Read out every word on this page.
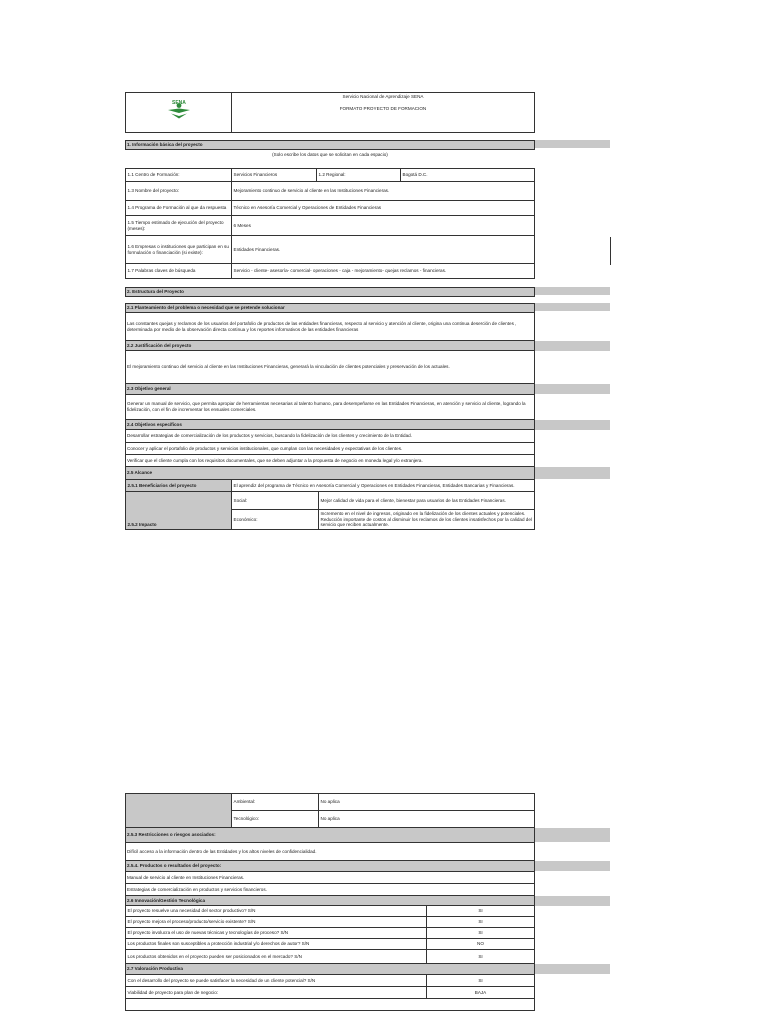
SENA
Servicio Nacional de Aprendizaje SENA
FORMATO PROYECTO DE FORMACION
1. Información básica del proyecto
(Solo escribe los datos que se solicitan en cada espacio)
1.1 Centro de Formación:	Servicios Financieros	1.2 Regional:	Bogotá D.C.
1.3 Nombre del proyecto:	Mejoramiento continuo de servicio al cliente en las Instituciones Financieras.
1.4 Programa de Formación al que da respuesta	Técnico en Asesoría Comercial y Operaciones de Entidades Financieras
1.5 Tiempo estimado de ejecución del proyecto (meses):
6 Meses
1.6 Empresas o instituciones que participan en su formulación o financiación (si existe):
Entidades Financieras.
1.7 Palabras claves de búsqueda	Servicio - cliente- asesoría- comercial- operaciones - caja - mejoramiento- quejas reclamos - financieras.
2. Estructura del Proyecto
2.1 Planteamiento del problema o necesidad que se pretende solucionar
Las constantes quejas y reclamos de los usuarios del portafolio de productos de las entidades financieras, respecto al servicio y atención al cliente, origina una continua deserción de clientes , determinada por medio de la observación directa continua y los reportes informativos de las entidades financieras
2.2 Justificación del proyecto
El mejoramiento continuo del servicio al cliente en las Instituciones Financieras, generará la vinculación de clientes potenciales y preservación de los actuales.
2.3 Objetivo general
Generar un manual de servicio, que permita apropiar de herramientas necesarias al talento humano, para desempeñarse en las Entidades Financieras, en atención y servicio al cliente, logrando la fidelización, con el fin de incrementar los ensuales comerciales.
2.4 Objetivos específicos
Desarrollar estrategias de comercialización de los productos y servicios, buscando la fidelización de los clientes y crecimiento de la Entidad.
Conocer y aplicar el portafolio de productos y servicios institucionales, que cumplan con las necesidades y expectativas de los clientes.
Verificar que el cliente cumpla con los requisitos documentales, que se deben adjuntar a la propuesta de negocio en moneda legal y/o extranjera.
2.5 Alcance
2.5.1 Beneficiarios del proyecto	El aprendiz del programa de Técnico en Asesoría Comercial y Operaciones en Entidades Financieras, Entidades Bancarias y Financieras.
2.5.2 Impacto
Social:	Mejor calidad de vida para el cliente, bienestar para usuarios de las Entidades Financieras.
Económico:
Incremento en el nivel de ingresos, originado en la fidelización de los clientes actuales y potenciales. Reducción importante de costos al disminuir los reclamos de los clientes insatisfechos por la calidad del servicio que reciben actualmente.
Ambiental:	No aplica
Tecnológico:	No aplica
2.5.3 Restricciones o riesgos asociados:
Difícil acceso a la información dentro de las Entidades y los altos niveles de confidencialidad.
2.5.4. Productos o resultados del proyecto:
Manual de servicio al cliente en Instituciones Financieras.
Estrategias de comercialización en productos y servicios financieros.
2.6 Innovación/Gestión Tecnológica
El proyecto resuelve una necesidad del sector productivo? S/N	SI
El proyecto mejora el proceso/producto/servicio existente? S/N	SI
El proyecto involucra el uso de nuevas técnicas y tecnologías de proceso? S/N	SI
Los productos finales son susceptibles a protección industrial y/o derechos de autor? S/N	NO
Los productos obtenidos en el proyecto pueden ser posicionados en el mercado? S/N	SI
2.7 Valoración Productiva
Con el desarrollo del proyecto se puede satisfacer la necesidad de un cliente potencial? S/N	SI
Viabilidad de proyecto para plan de negocio:	BAJA
